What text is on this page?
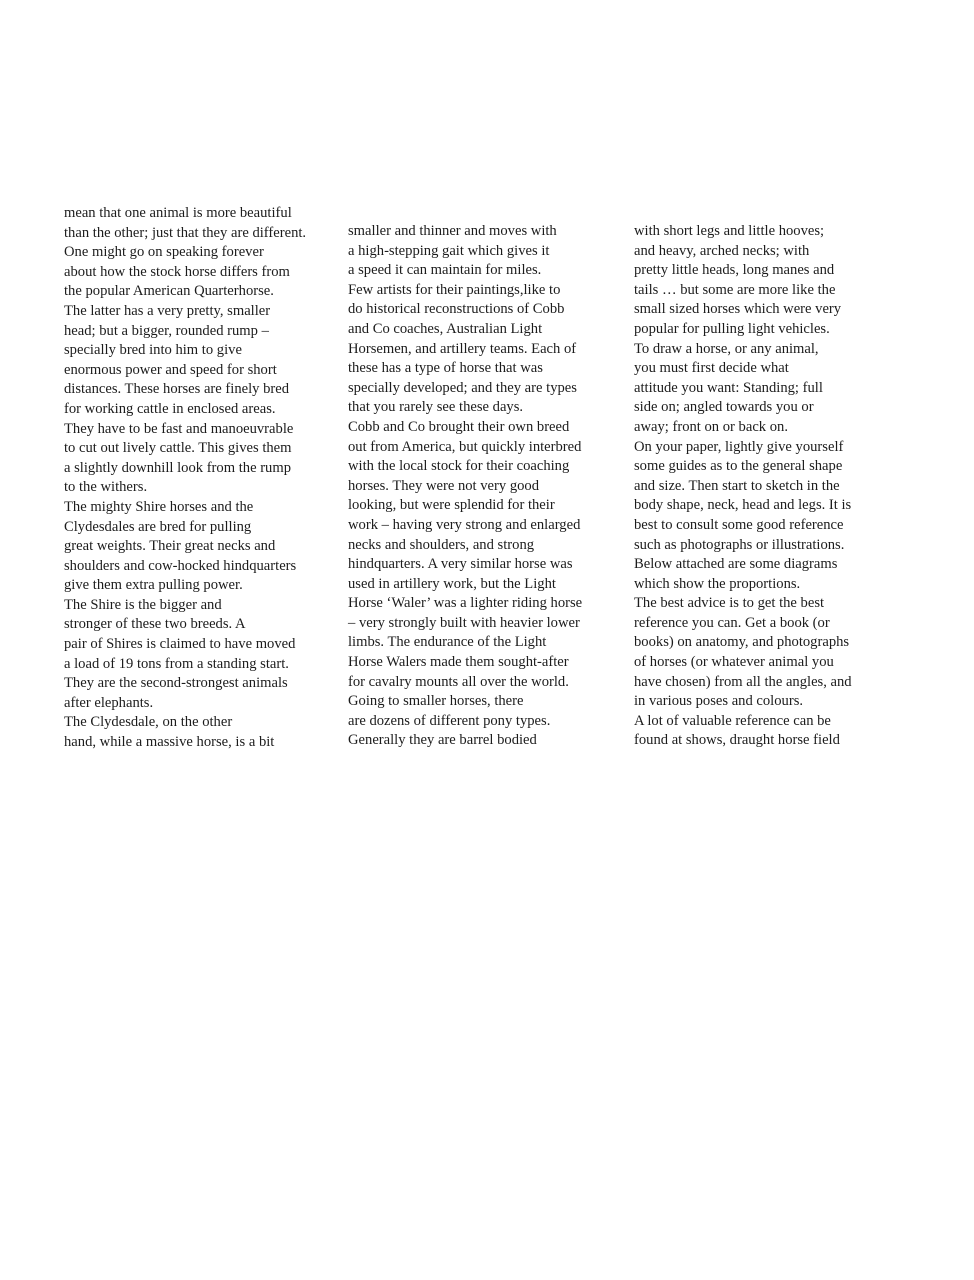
mean that one animal is more beautiful
than the other; just that they are different.
One might go on speaking forever
about how the stock horse differs from
the popular American Quarterhorse.
The latter has a very pretty, smaller
head; but a bigger, rounded rump –
specially bred into him to give
enormous power and speed for short
distances. These horses are finely bred
for working cattle in enclosed areas.
They have to be fast and manoeuvrable
to cut out lively cattle. This gives them
a slightly downhill look from the rump
to the withers.
The mighty Shire horses and the
Clydesdales are bred for pulling
great weights. Their great necks and
shoulders and cow-hocked hindquarters
give them extra pulling power.
The Shire is the bigger and
stronger of these two breeds. A
pair of Shires is claimed to have moved
a load of 19 tons from a standing start.
They are the second-strongest animals
after elephants.
The Clydesdale, on the other
hand, while a massive horse, is a bit
smaller and thinner and moves with
a high-stepping gait which gives it
a speed it can maintain for miles.
Few artists for their paintings,like to
do historical reconstructions of Cobb
and Co coaches, Australian Light
Horsemen, and artillery teams. Each of
these has a type of horse that was
specially developed; and they are types
that you rarely see these days.
Cobb and Co brought their own breed
out from America, but quickly interbred
with the local stock for their coaching
horses. They were not very good
looking, but were splendid for their
work – having very strong and enlarged
necks and shoulders, and strong
hindquarters. A very similar horse was
used in artillery work, but the Light
Horse ‘Waler’ was a lighter riding horse
– very strongly built with heavier lower
limbs. The endurance of the Light
Horse Walers made them sought-after
for cavalry mounts all over the world.
Going to smaller horses, there
are dozens of different pony types.
Generally they are barrel bodied
with short legs and little hooves;
and heavy, arched necks; with
pretty little heads, long manes and
tails … but some are more like the
small sized horses which were very
popular for pulling light vehicles.
To draw a horse, or any animal,
you must first decide what
attitude you want: Standing; full
side on; angled towards you or
away; front on or back on.
On your paper, lightly give yourself
some guides as to the general shape
and size. Then start to sketch in the
body shape, neck, head and legs. It is
best to consult some good reference
such as photographs or illustrations.
Below attached are some diagrams
which show the proportions.
The best advice is to get the best
reference you can. Get a book (or
books) on anatomy, and photographs
of horses (or whatever animal you
have chosen) from all the angles, and
in various poses and colours.
A lot of valuable reference can be
found at shows, draught horse field
